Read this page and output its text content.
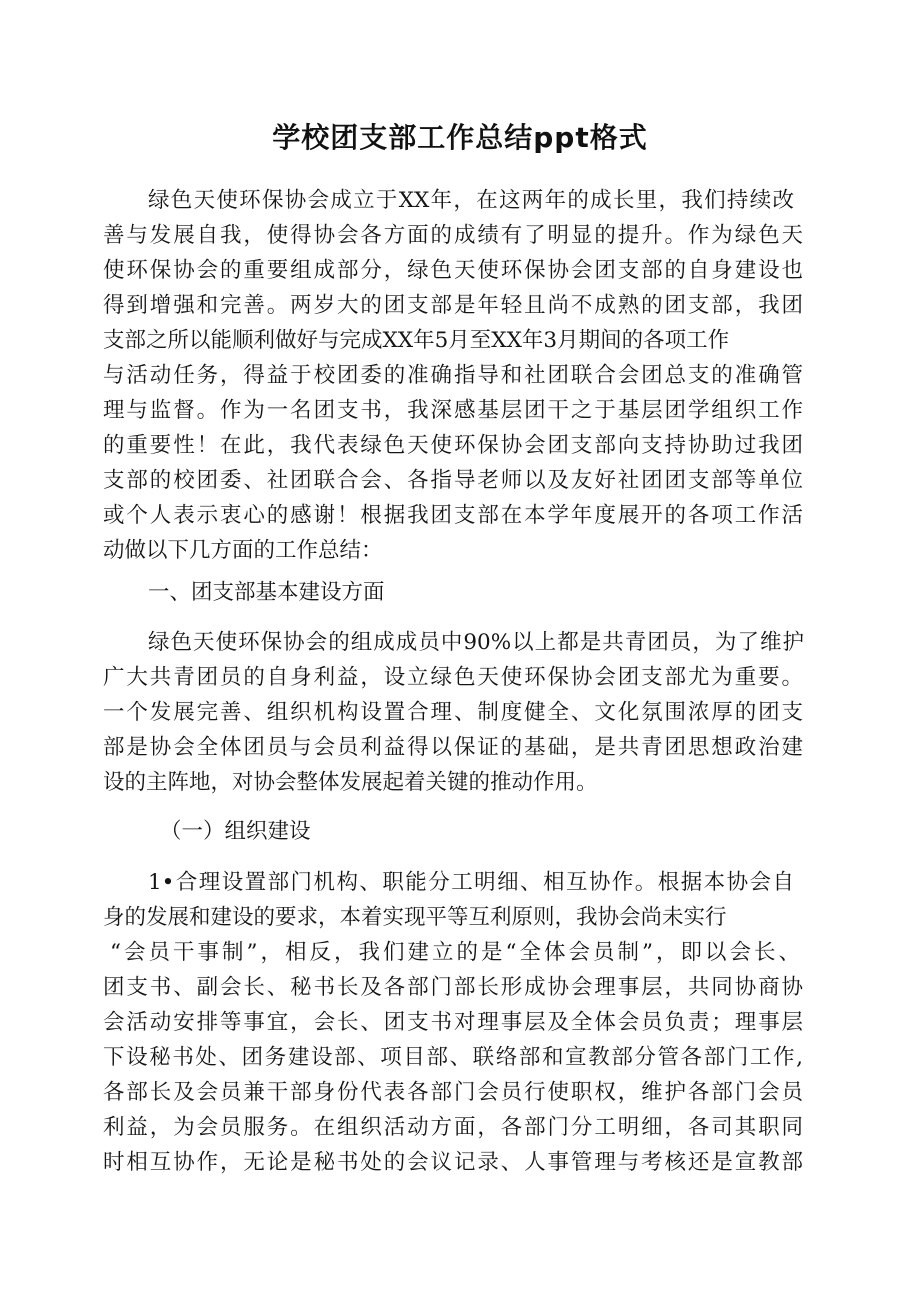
学校团支部工作总结ppt格式
绿色天使环保协会成立于XX年，在这两年的成长里，我们持续改
善与发展自我，使得协会各方面的成绩有了明显的提升。作为绿色天
使环保协会的重要组成部分，绿色天使环保协会团支部的自身建设也
得到增强和完善。两岁大的团支部是年轻且尚不成熟的团支部，我团
支部之所以能顺利做好与完成XX年5月至XX年3月期间的各项工作
与活动任务，得益于校团委的准确指导和社团联合会团总支的准确管
理与监督。作为一名团支书，我深感基层团干之于基层团学组织工作
的重要性！在此，我代表绿色天使环保协会团支部向支持协助过我团
支部的校团委、社团联合会、各指导老师以及友好社团团支部等单位
或个人表示衷心的感谢！根据我团支部在本学年度展开的各项工作活
动做以下几方面的工作总结：
一、团支部基本建设方面
绿色天使环保协会的组成成员中90%以上都是共青团员，为了维护
广大共青团员的自身利益，设立绿色天使环保协会团支部尤为重要。
一个发展完善、组织机构设置合理、制度健全、文化氛围浓厚的团支
部是协会全体团员与会员利益得以保证的基础，是共青团思想政治建
设的主阵地，对协会整体发展起着关键的推动作用。
（一）组织建设
1•合理设置部门机构、职能分工明细、相互协作。根据本协会自
身的发展和建设的要求，本着实现平等互利原则，我协会尚未实行
“会员干事制”，相反，我们建立的是“全体会员制”，即以会长、
团支书、副会长、秘书长及各部门部长形成协会理事层，共同协商协
会活动安排等事宜，会长、团支书对理事层及全体会员负责；理事层
下设秘书处、团务建设部、项目部、联络部和宣教部分管各部门工作,
各部长及会员兼干部身份代表各部门会员行使职权，维护各部门会员
利益，为会员服务。在组织活动方面，各部门分工明细，各司其职同
时相互协作，无论是秘书处的会议记录、人事管理与考核还是宣教部
